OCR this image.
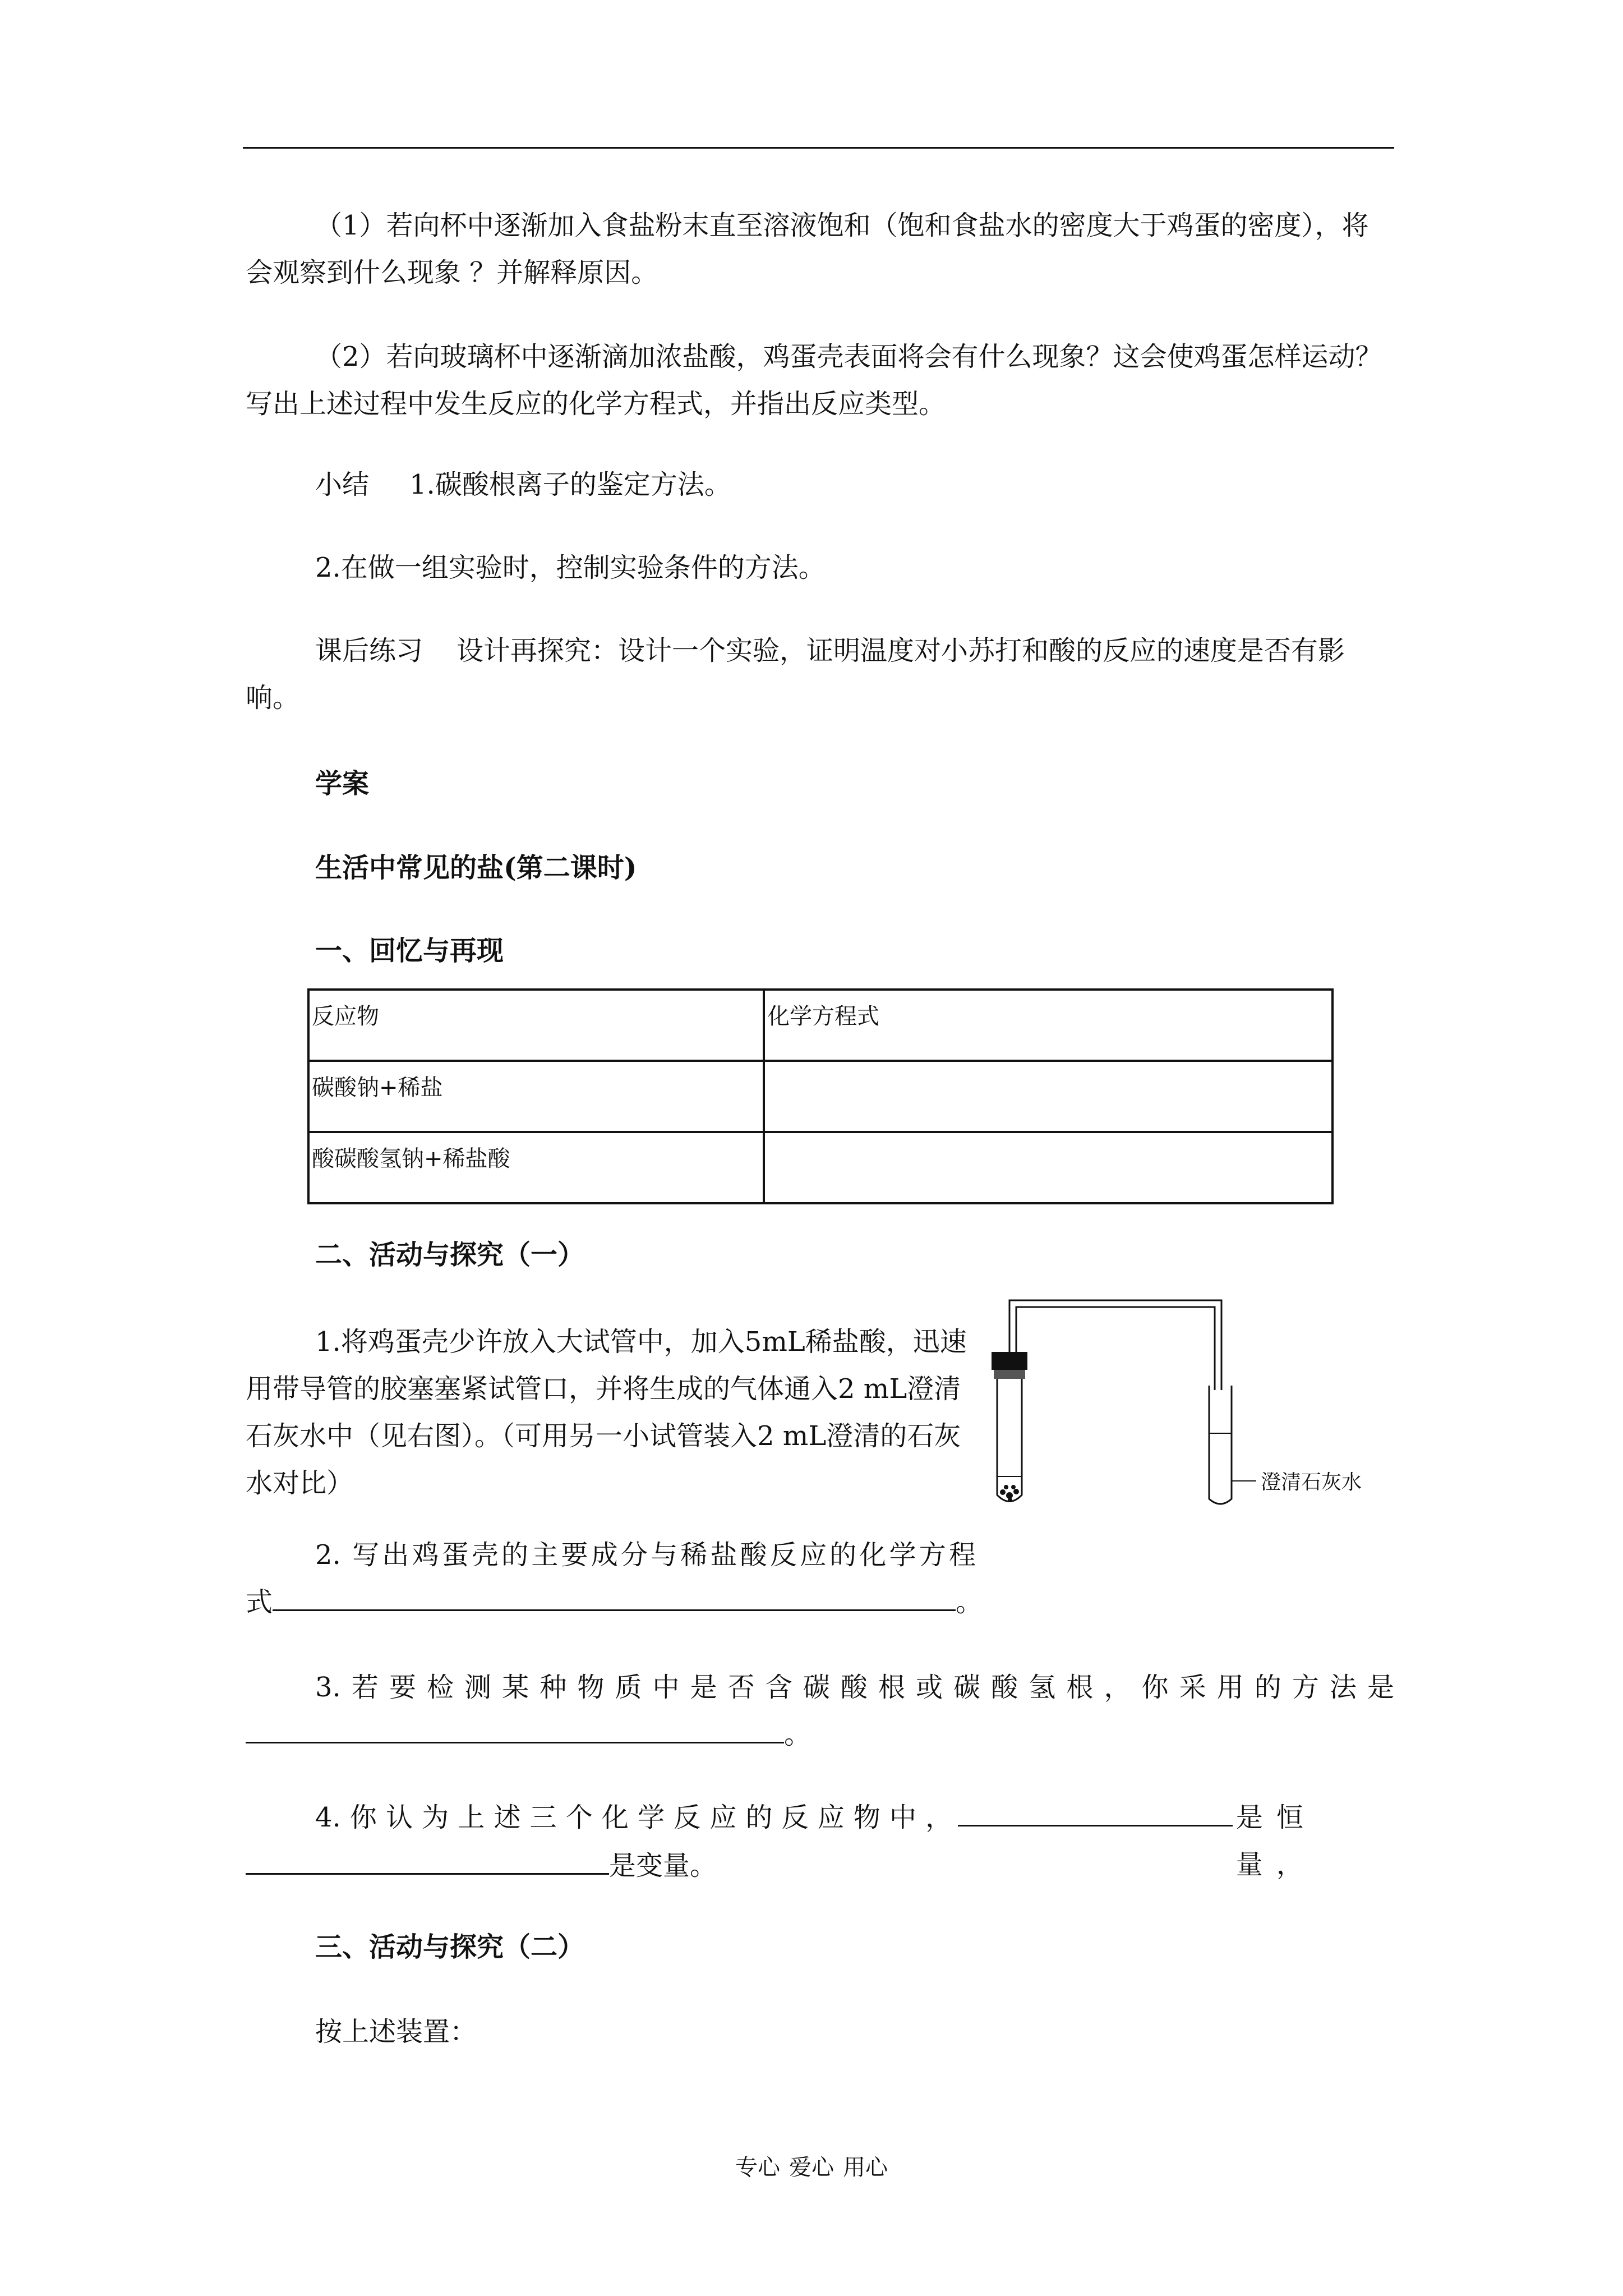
（1）若向杯中逐渐加入食盐粉末直至溶液饱和（饱和食盐水的密度大于鸡蛋的密度），将会观察到什么现象 ？并解释原因。

（2）若向玻璃杯中逐渐滴加浓盐酸，鸡蛋壳表面将会有什么现象？这会使鸡蛋怎样运动？写出上述过程中发生反应的化学方程式，并指出反应类型。

小结 1.碳酸根离子的鉴定方法。

2.在做一组实验时，控制实验条件的方法。

课后练习 设计再探究：设计一个实验，证明温度对小苏打和酸的反应的速度是否有影响。
学案
生活中常见的盐(第二课时)
一、回忆与再现
反应物	化学方程式
碳酸钠+稀盐	
酸碳酸氢钠+稀盐酸	
二、活动与探究（一）

1.将鸡蛋壳少许放入大试管中，加入5mL稀盐酸，迅速用带导管的胶塞塞紧试管口，并将生成的气体通入2 mL澄清石灰水中（见右图）。（可用另一小试管装入2 mL澄清的石灰水对比）	澄清石灰水

2. 写出鸡蛋壳的主要成分与稀盐酸反应的化学方程

式	。

3.若要检测某种物质中是否含碳酸根或碳酸氢根，你采用的方法是

。
4.你认为上述三个化学反应的反应物中，	是恒量，
是变量。
三、活动与探究（二）

按上述装置：

专心 爱心 用心
